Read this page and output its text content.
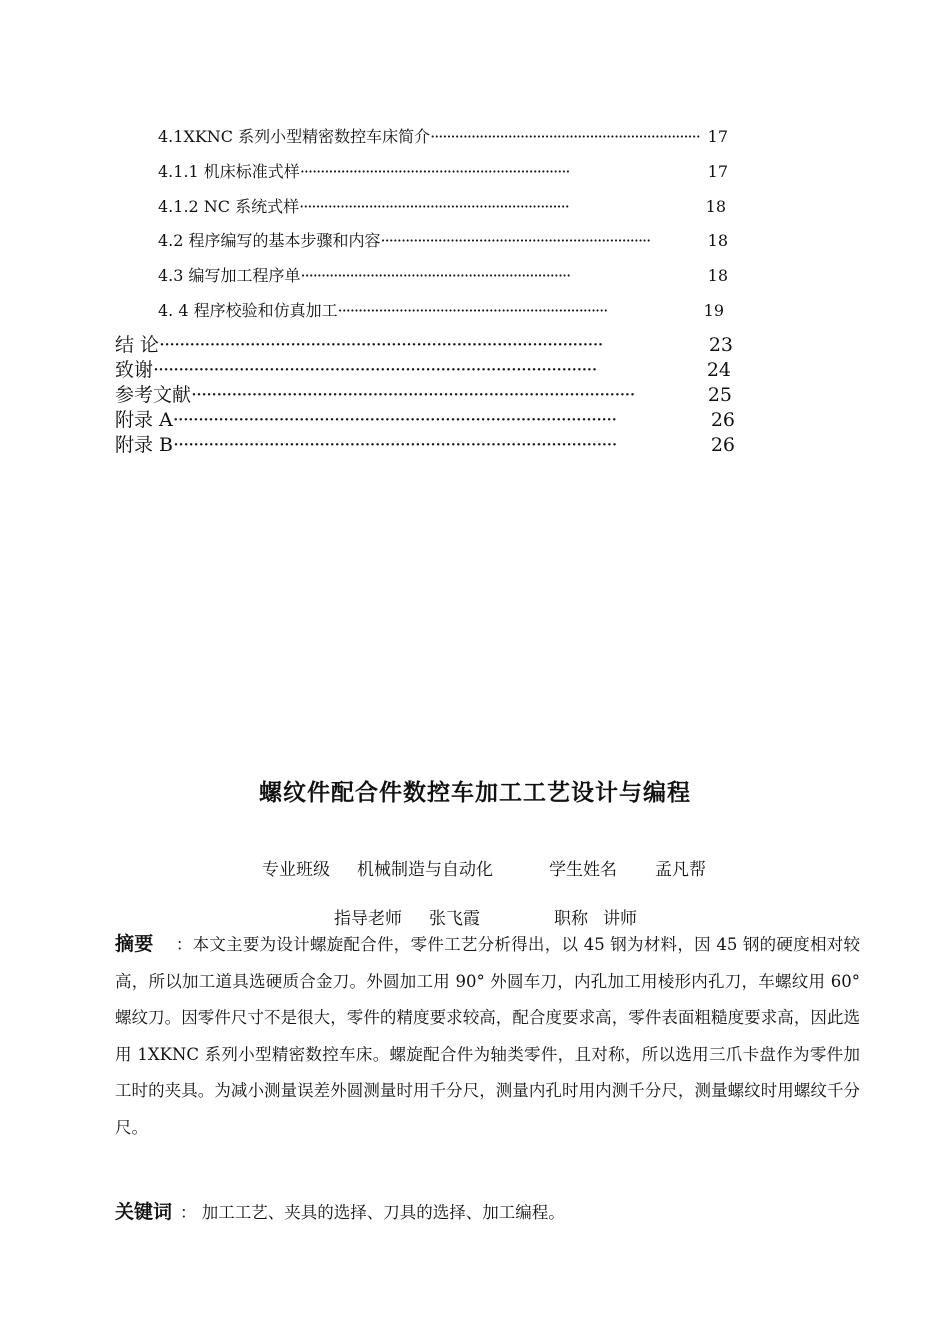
4.1XKNC 系列小型精密数控车床简介 ·································································· 17
4.1.1 机床标准式样 ··································································	17
4.1.2 NC 系统式样 ··································································	18
4.2 程序编写的基本步骤和内容 ··································································	18
4.3 编写加工程序单 ··································································	18
4. 4 程序校验和仿真加工 ··································································	19
结 论 ························································································	23
致谢 ························································································	24
参考文献 ························································································	25
附录 A ························································································	26
附录 B ························································································	26
螺纹件配合件数控车加工工艺设计与编程
专业班级 机械制造与自动化	学生姓名 孟凡帮
指导老师 张飞霞	职称 讲师
摘要 ：本文主要为设计螺旋配合件，零件工艺分析得出，以 45 钢为材料，因 45 钢的硬度相对较高，所以加工道具选硬质合金刀。外圆加工用 90° 外圆车刀，内孔加工用棱形内孔刀，车螺纹用 60° 螺纹刀。因零件尺寸不是很大，零件的精度要求较高，配合度要求高，零件表面粗糙度要求高，因此选用 1XKNC 系列小型精密数控车床。螺旋配合件为轴类零件，且对称，所以选用三爪卡盘作为零件加工时的夹具。为减小测量误差外圆测量时用千分尺，测量内孔时用内测千分尺，测量螺纹时用螺纹千分尺。
关键词 ： 加工工艺、夹具的选择、刀具的选择、加工编程。
